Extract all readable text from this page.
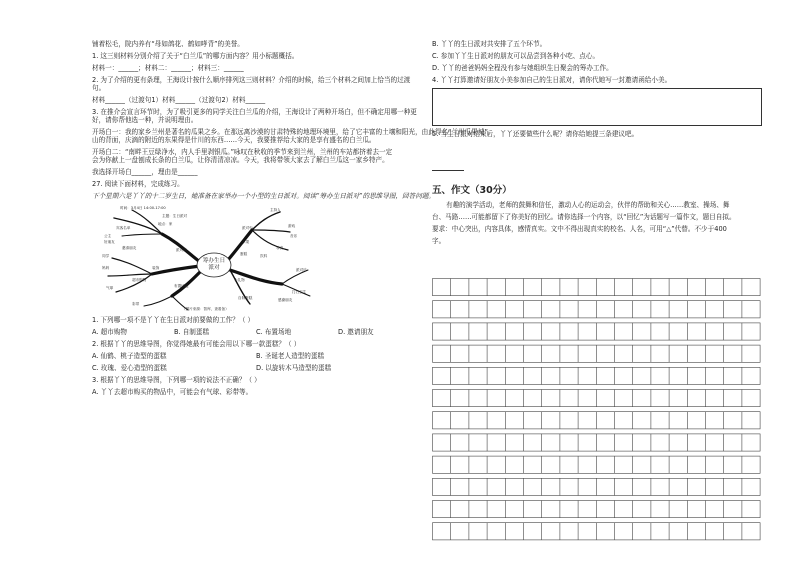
铺着松毛，院内养有“母如鸽花、鹤如哮背”的美誉。

1. 这三则材料分别介绍了关于“白兰瓜”的哪方面内容？用小标题概括。

材料一：______；材料二：______；材料三：______

2. 为了介绍的更有条理，王海设计按什么顺序排列这三则材料？介绍的时候，给三个材料之间加上恰当的过渡句。

材料______（过渡句1）材料______（过渡句2）材料______

3. 在推介会宣言环节时，为了吸引更多的同学关注白兰瓜的介绍，王海设计了两种开场白，但不确定用哪一种更好，请你帮他选一种，并说明理由。

开场白一：我的家乡兰州是著名的瓜果之乡。在那远离沙漠的甘肃特殊的地理环境里，给了它丰富的土壤和阳光，由此得名“兰州瓜果城”。

山的背面，庆滴的附近的东果得是什川的东西……今天，我要推荐给大家的是享有盛名的白兰瓜。

开场白二：“南畔王豆绿净水，内人手里剥银瓜。”咏叹在秋收的季节来到兰州，兰州的车站都挤着去一定

会为你献上一盘刨成长条的白兰瓜，让你清清凉凉。今天，我将带领大家去了解白兰瓜这一家乡特产。

我选择开场白______，理由是______

27. 阅读下面材料，完成练习。

下个星期六是丫丫的十二岁生日，她准备在家举办一个小型的生日派对。阅读“筹办生日派对”的思维导图，回答问题。

筹办生日
派对
时间：3月4日 14:00-17:00
主题：生日派对
地点：家
宾客名单
公主
好朋友
同学
妈妈
气球
彩带
装饰
主持人
游戏
音乐
零食
水果
蛋糕	饮料
派对后
派对前
派对中
小礼物
打扫卫生
超市购物
布置场地
自制蛋糕
邀请朋友
感谢朋友
（图片来源：智库，查看备）

1. 下列哪一项不是丫丫在生日派对前要做的工作？（ ）

A. 超市购物	B. 自制蛋糕	C. 布置场地	D. 邀请朋友

2. 根据丫丫的思维导图，你觉得她最有可能会用以下哪一款蛋糕？（ ）

A. 仙鹤、桃子造型的蛋糕	B. 圣诞老人造型的蛋糕
C. 玫瑰、爱心造型的蛋糕	D. 以旋转木马造型的蛋糕

3. 根据丫丫的思维导图，下列哪一项的说法不正确？（ ）

A. 丫丫去超市购买的物品中，可能会有气球、彩带等。

B. 丫丫的生日派对共安排了五个环节。

C. 参加丫丫生日派对的朋友可以品尝到各种小吃、点心。

D. 丫丫的爸爸妈妈全程没有参与她组织生日聚会的筹办工作。

4. 丫丫打算邀请好朋友小美参加自己的生日派对，请你代她写一封邀请函给小美。

5. 当生日派对结束后，丫丫还要做些什么呢？请你给她提三条建议吧。

五、作文（30分）

有趣的演学活动，老师的鼓舞和信任，激动人心的运动会，伙伴的帮助和关心……教室、操场、舞

台、马路……可能都留下了你美好的回忆。请你选择一个内容，以“回忆”为话题写一篇作文，题目自拟。

要求：中心突出，内容具体，感情真实。文中不得出现真实的校名、人名，可用“△”代替。不少于400

字。
